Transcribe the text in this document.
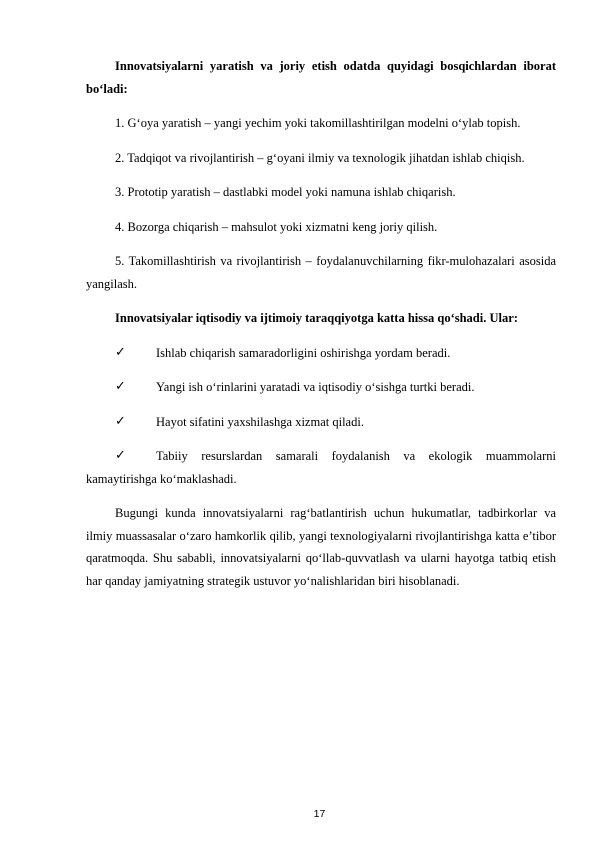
Innovatsiyalarni yaratish va joriy etish odatda quyidagi bosqichlardan iborat bo‘ladi:

1. G‘oya yaratish – yangi yechim yoki takomillashtirilgan modelni o‘ylab topish.

2. Tadqiqot va rivojlantirish – g‘oyani ilmiy va texnologik jihatdan ishlab chiqish.

3. Prototip yaratish – dastlabki model yoki namuna ishlab chiqarish.

4. Bozorga chiqarish – mahsulot yoki xizmatni keng joriy qilish.

5. Takomillashtirish va rivojlantirish – foydalanuvchilarning fikr-mulohazalari asosida yangilash.

Innovatsiyalar iqtisodiy va ijtimoiy taraqqiyotga katta hissa qo‘shadi. Ular:

✓ Ishlab chiqarish samaradorligini oshirishga yordam beradi.
✓ Yangi ish o‘rinlarini yaratadi va iqtisodiy o‘sishga turtki beradi.
✓ Hayot sifatini yaxshilashga xizmat qiladi.
✓ Tabiiy resurslardan samarali foydalanish va ekologik muammolarni kamaytirishga ko‘maklashadi.

Bugungi kunda innovatsiyalarni rag‘batlantirish uchun hukumatlar, tadbirkorlar va ilmiy muassasalar o‘zaro hamkorlik qilib, yangi texnologiyalarni rivojlantirishga katta e’tibor qaratmoqda. Shu sababli, innovatsiyalarni qo‘llab-quvvatlash va ularni hayotga tatbiq etish har qanday jamiyatning strategik ustuvor yo‘nalishlaridan biri hisoblanadi.

17
